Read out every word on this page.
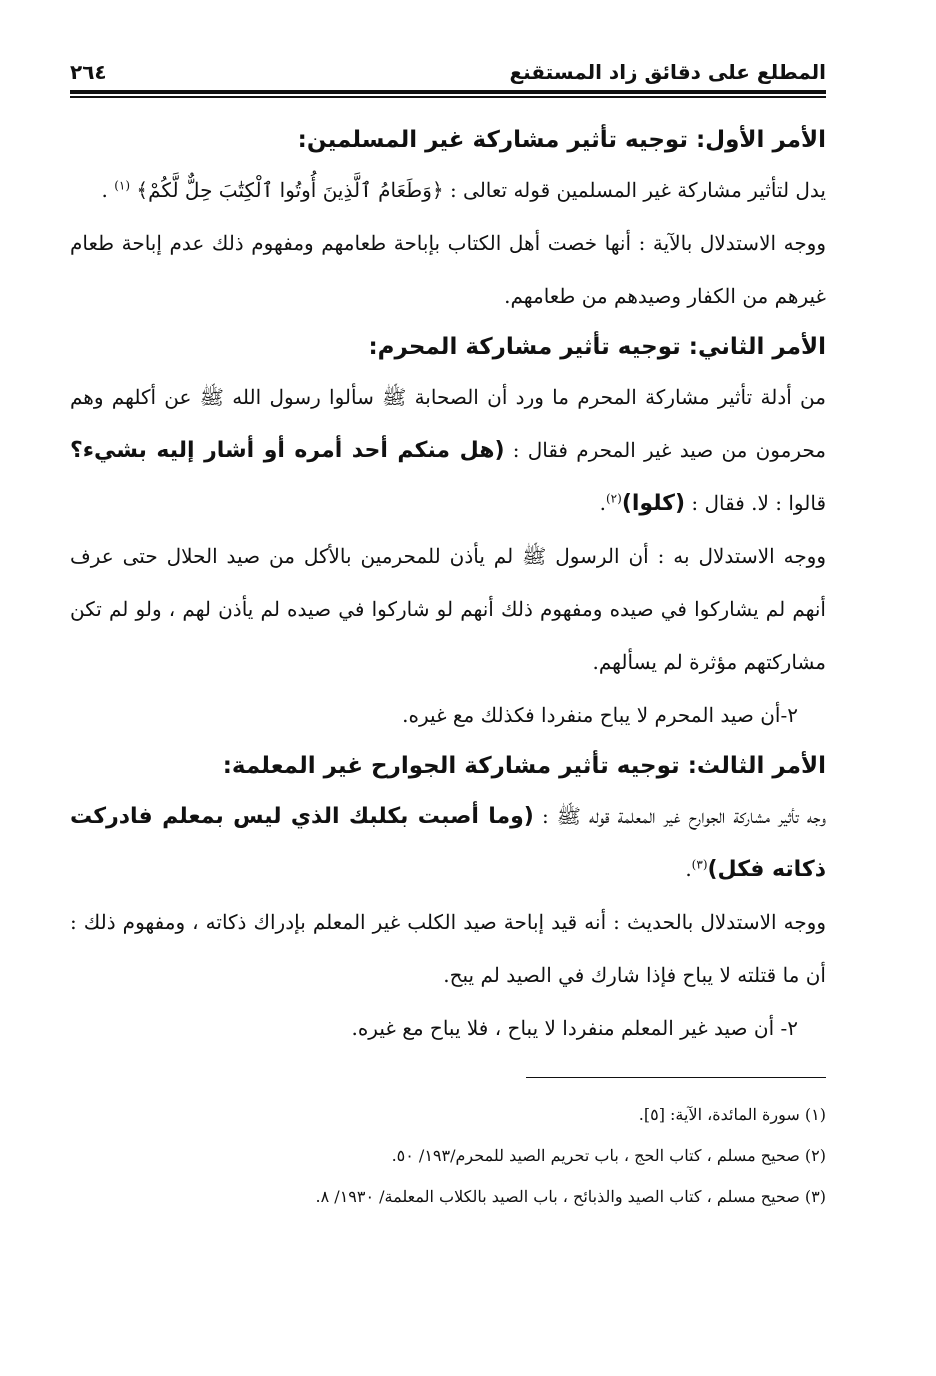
المطلع على دقائق زاد المستقنع
٢٦٤
الأمر الأول: توجيه تأثير مشاركة غير المسلمين:

يدل لتأثير مشاركة غير المسلمين قوله تعالى : ﴿وَطَعَامُ ٱلَّذِينَ أُوتُوا ٱلْكِتَٰبَ حِلٌّ لَّكُمْ﴾ $^{(١)}$ .

ووجه الاستدلال بالآية : أنها خصت أهل الكتاب بإباحة طعامهم ومفهوم ذلك عدم إباحة طعام غيرهم من الكفار وصيدهم من طعامهم.

الأمر الثاني: توجيه تأثير مشاركة المحرم:

من أدلة تأثير مشاركة المحرم ما ورد أن الصحابة ﷺ سألوا رسول الله ﷺ عن أكلهم وهم محرمون من صيد غير المحرم فقال : (هل منكم أحد أمره أو أشار إليه بشيء؟ قالوا : لا. فقال : (كلوا)$^{(٢)}$.

ووجه الاستدلال به : أن الرسول ﷺ لم يأذن للمحرمين بالأكل من صيد الحلال حتى عرف أنهم لم يشاركوا في صيده ومفهوم ذلك أنهم لو شاركوا في صيده لم يأذن لهم ، ولو لم تكن مشاركتهم مؤثرة لم يسألهم.

٢-أن صيد المحرم لا يباح منفردا فكذلك مع غيره.

الأمر الثالث: توجيه تأثير مشاركة الجوارح غير المعلمة:

وجه تأثير مشاركة الجوارح غير المعلمة قوله ﷺ : (وما أصبت بكلبك الذي ليس بمعلم فادركت ذكاته فكل)$^{(٣)}$.

ووجه الاستدلال بالحديث : أنه قيد إباحة صيد الكلب غير المعلم بإدراك ذكاته ، ومفهوم ذلك : أن ما قتلته لا يباح فإذا شارك في الصيد لم يبح.

٢- أن صيد غير المعلم منفردا لا يباح ، فلا يباح مع غيره.

(١) سورة المائدة، الآية: [٥].
(٢) صحيح مسلم ، كتاب الحج ، باب تحريم الصيد للمحرم/١٩٣/ ٥٠.
(٣) صحيح مسلم ، كتاب الصيد والذبائح ، باب الصيد بالكلاب المعلمة/ ١٩٣٠/ ٨.
